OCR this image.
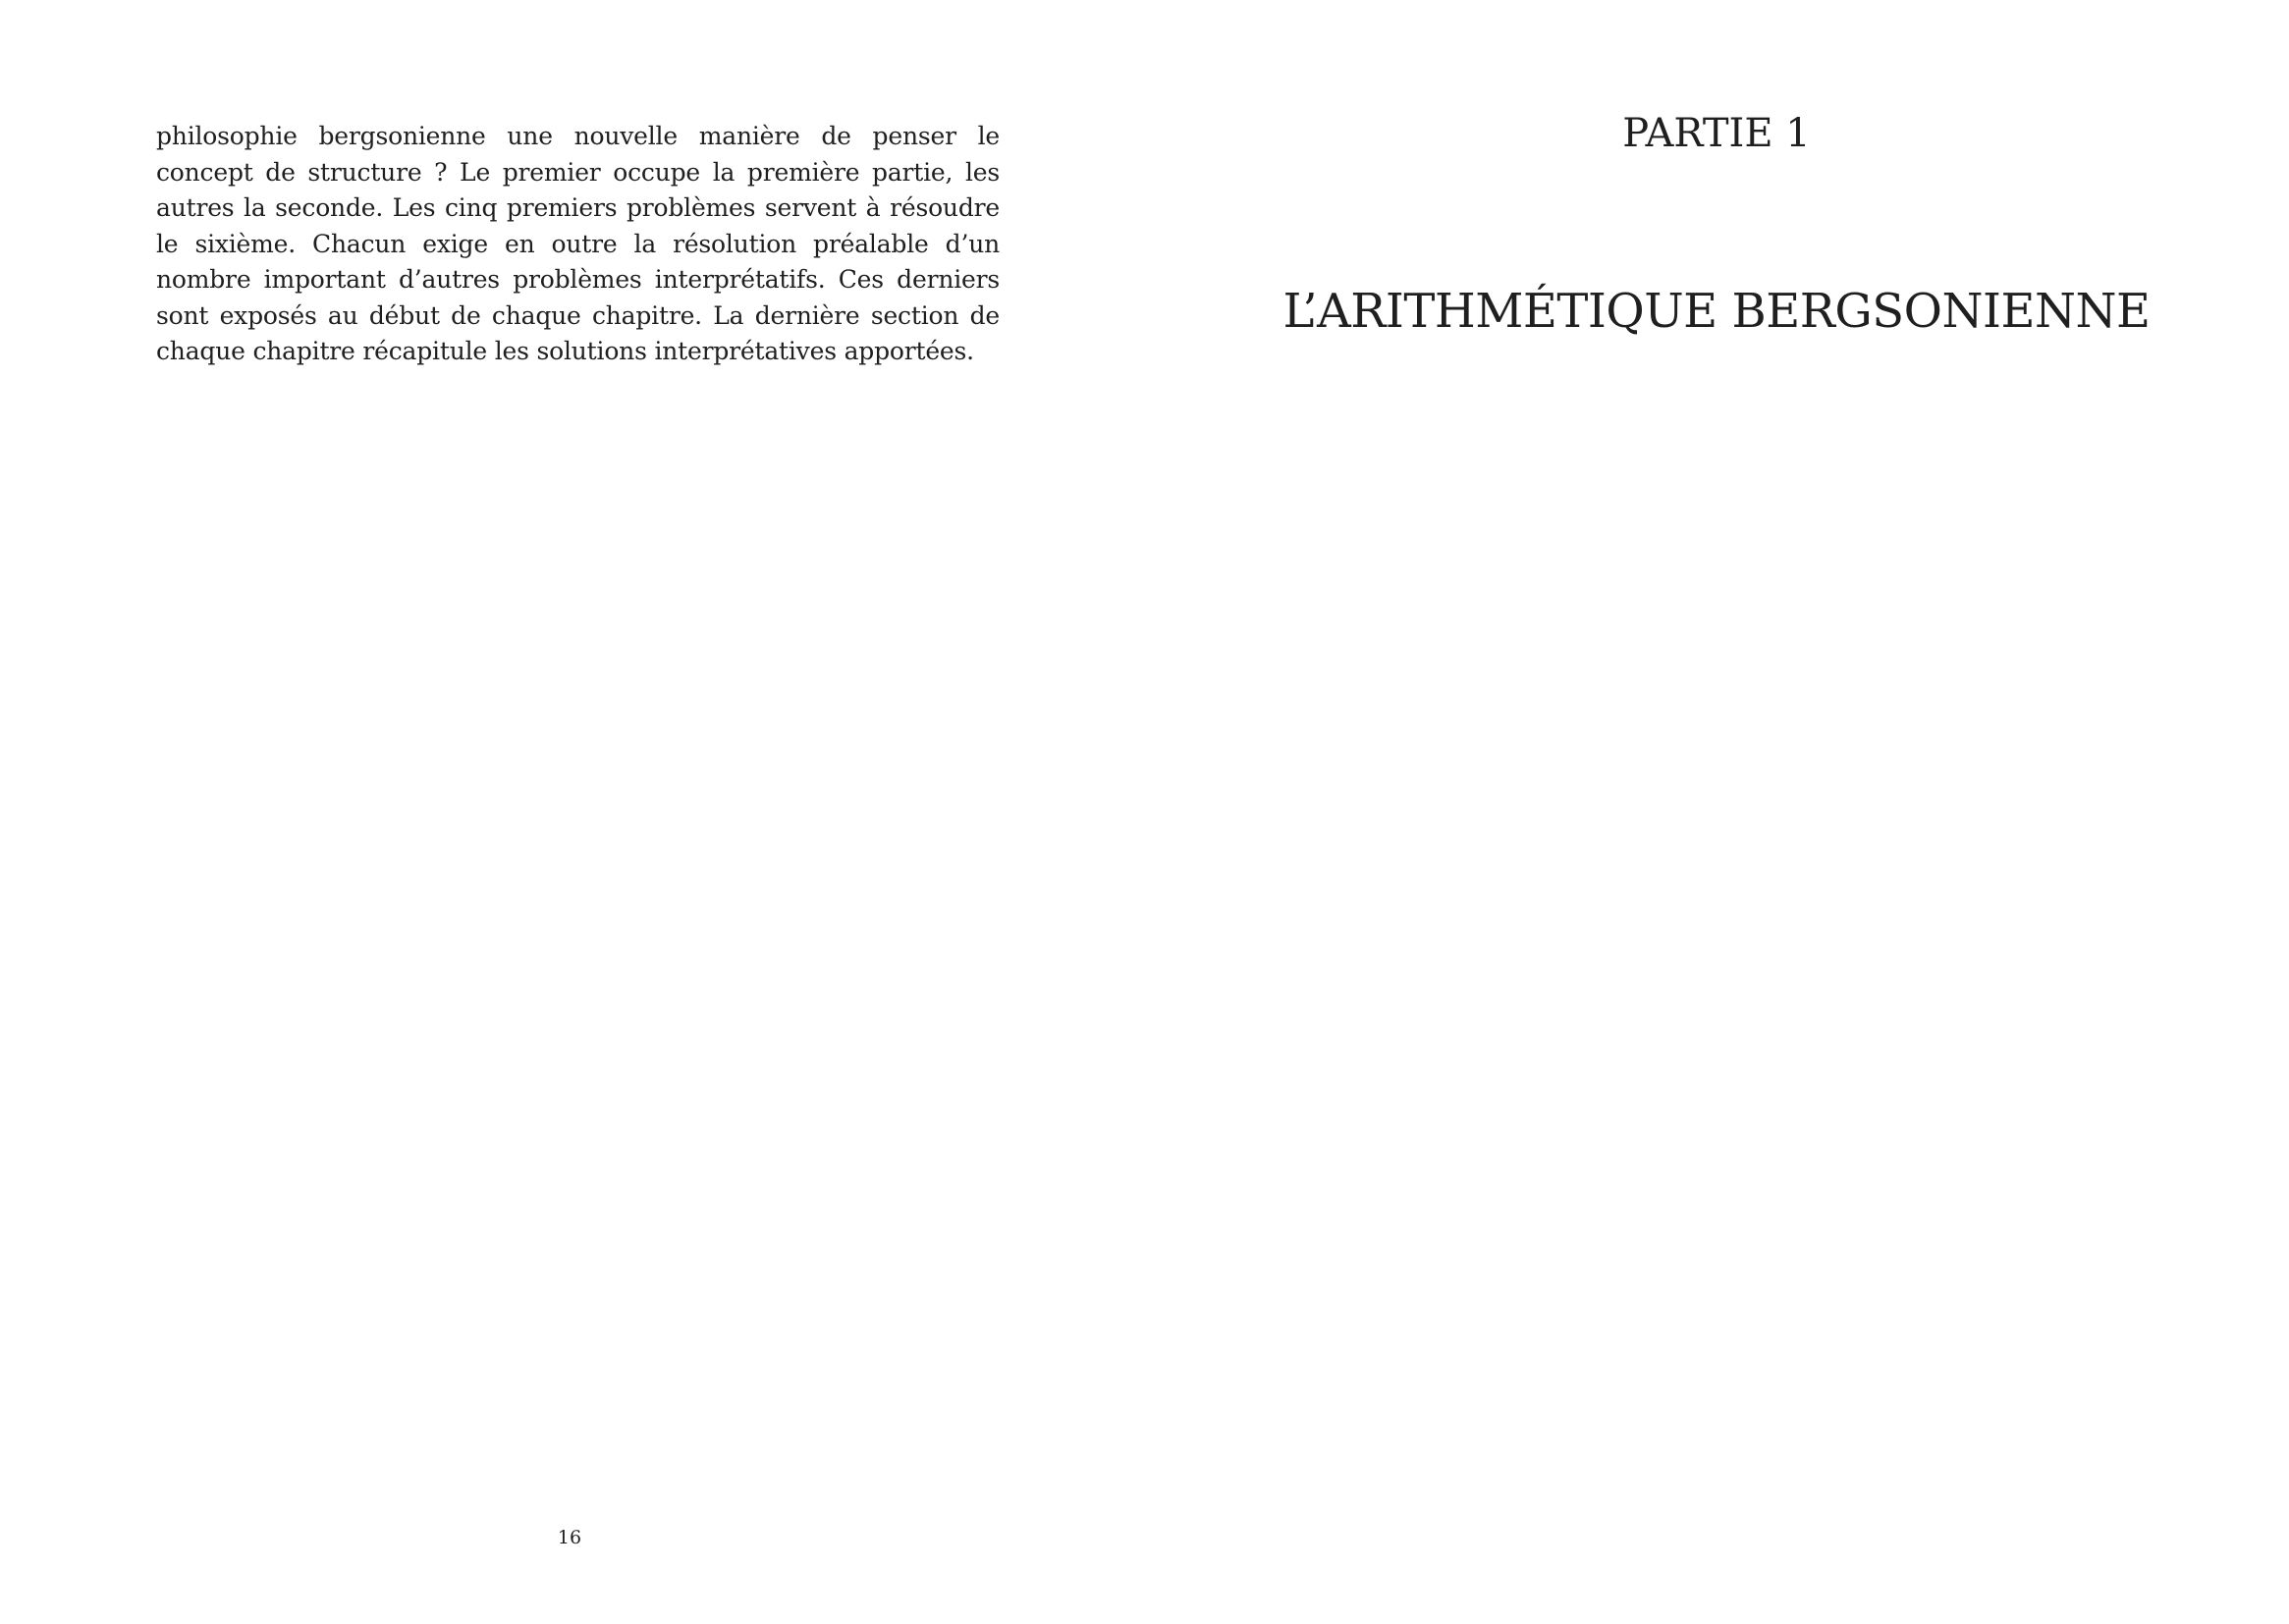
philosophie bergsonienne une nouvelle manière de penser le concept de structure ? Le premier occupe la première partie, les autres la seconde. Les cinq premiers problèmes servent à résoudre le sixième. Chacun exige en outre la résolution préalable d’un nombre important d’autres problèmes interprétatifs. Ces derniers sont exposés au début de chaque chapitre. La dernière section de chaque chapitre récapitule les solutions interprétatives apportées.

16
PARTIE 1
L’ARITHMÉTIQUE BERGSONIENNE
